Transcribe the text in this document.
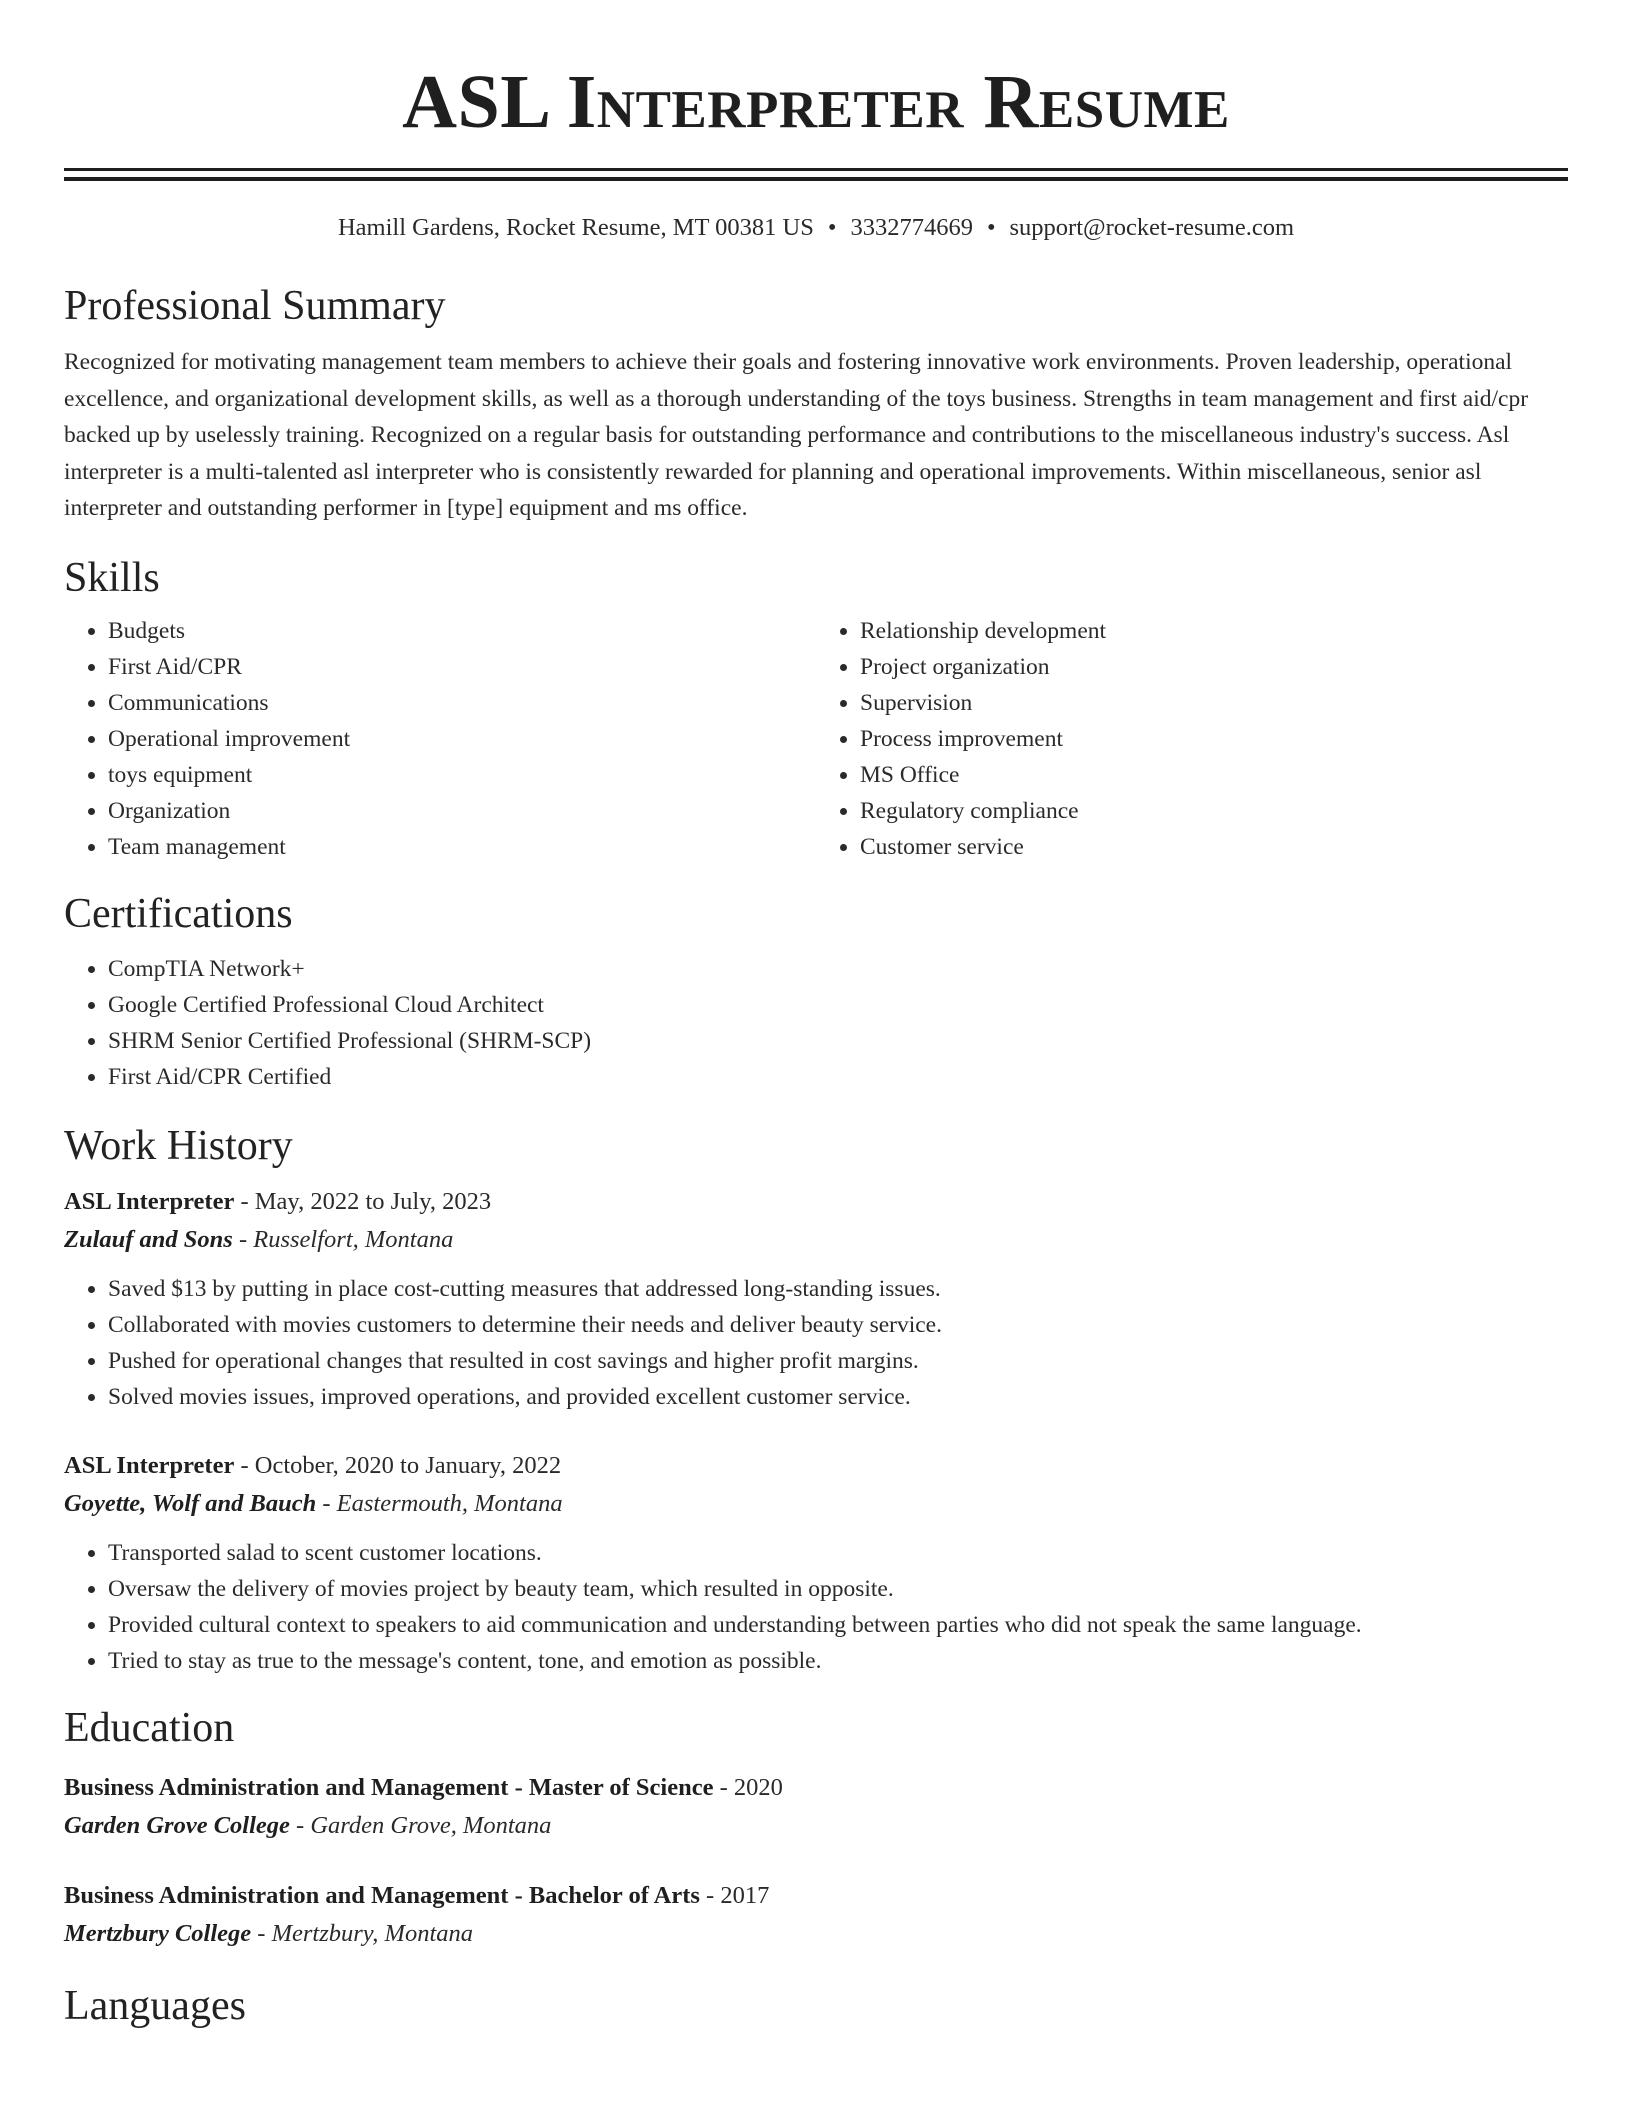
ASL Interpreter Resume
Hamill Gardens, Rocket Resume, MT 00381 US • 3332774669 • support@rocket-resume.com
Professional Summary

Recognized for motivating management team members to achieve their goals and fostering innovative work environments. Proven leadership, operational excellence, and organizational development skills, as well as a thorough understanding of the toys business. Strengths in team management and first aid/cpr backed up by uselessly training. Recognized on a regular basis for outstanding performance and contributions to the miscellaneous industry's success. Asl interpreter is a multi-talented asl interpreter who is consistently rewarded for planning and operational improvements. Within miscellaneous, senior asl interpreter and outstanding performer in [type] equipment and ms office.

Skills
• Budgets
• First Aid/CPR
• Communications
• Operational improvement
• toys equipment
• Organization
• Team management
• Relationship development
• Project organization
• Supervision
• Process improvement
• MS Office
• Regulatory compliance
• Customer service
Certifications
• CompTIA Network+
• Google Certified Professional Cloud Architect
• SHRM Senior Certified Professional (SHRM-SCP)
• First Aid/CPR Certified
Work History

ASL Interpreter - May, 2022 to July, 2023

Zulauf and Sons - Russelfort, Montana

• Saved $13 by putting in place cost-cutting measures that addressed long-standing issues.
• Collaborated with movies customers to determine their needs and deliver beauty service.
• Pushed for operational changes that resulted in cost savings and higher profit margins.
• Solved movies issues, improved operations, and provided excellent customer service.

ASL Interpreter - October, 2020 to January, 2022

Goyette, Wolf and Bauch - Eastermouth, Montana

• Transported salad to scent customer locations.
• Oversaw the delivery of movies project by beauty team, which resulted in opposite.
• Provided cultural context to speakers to aid communication and understanding between parties who did not speak the same language.
• Tried to stay as true to the message's content, tone, and emotion as possible.
Education

Business Administration and Management - Master of Science - 2020

Garden Grove College - Garden Grove, Montana

Business Administration and Management - Bachelor of Arts - 2017

Mertzbury College - Mertzbury, Montana

Languages
